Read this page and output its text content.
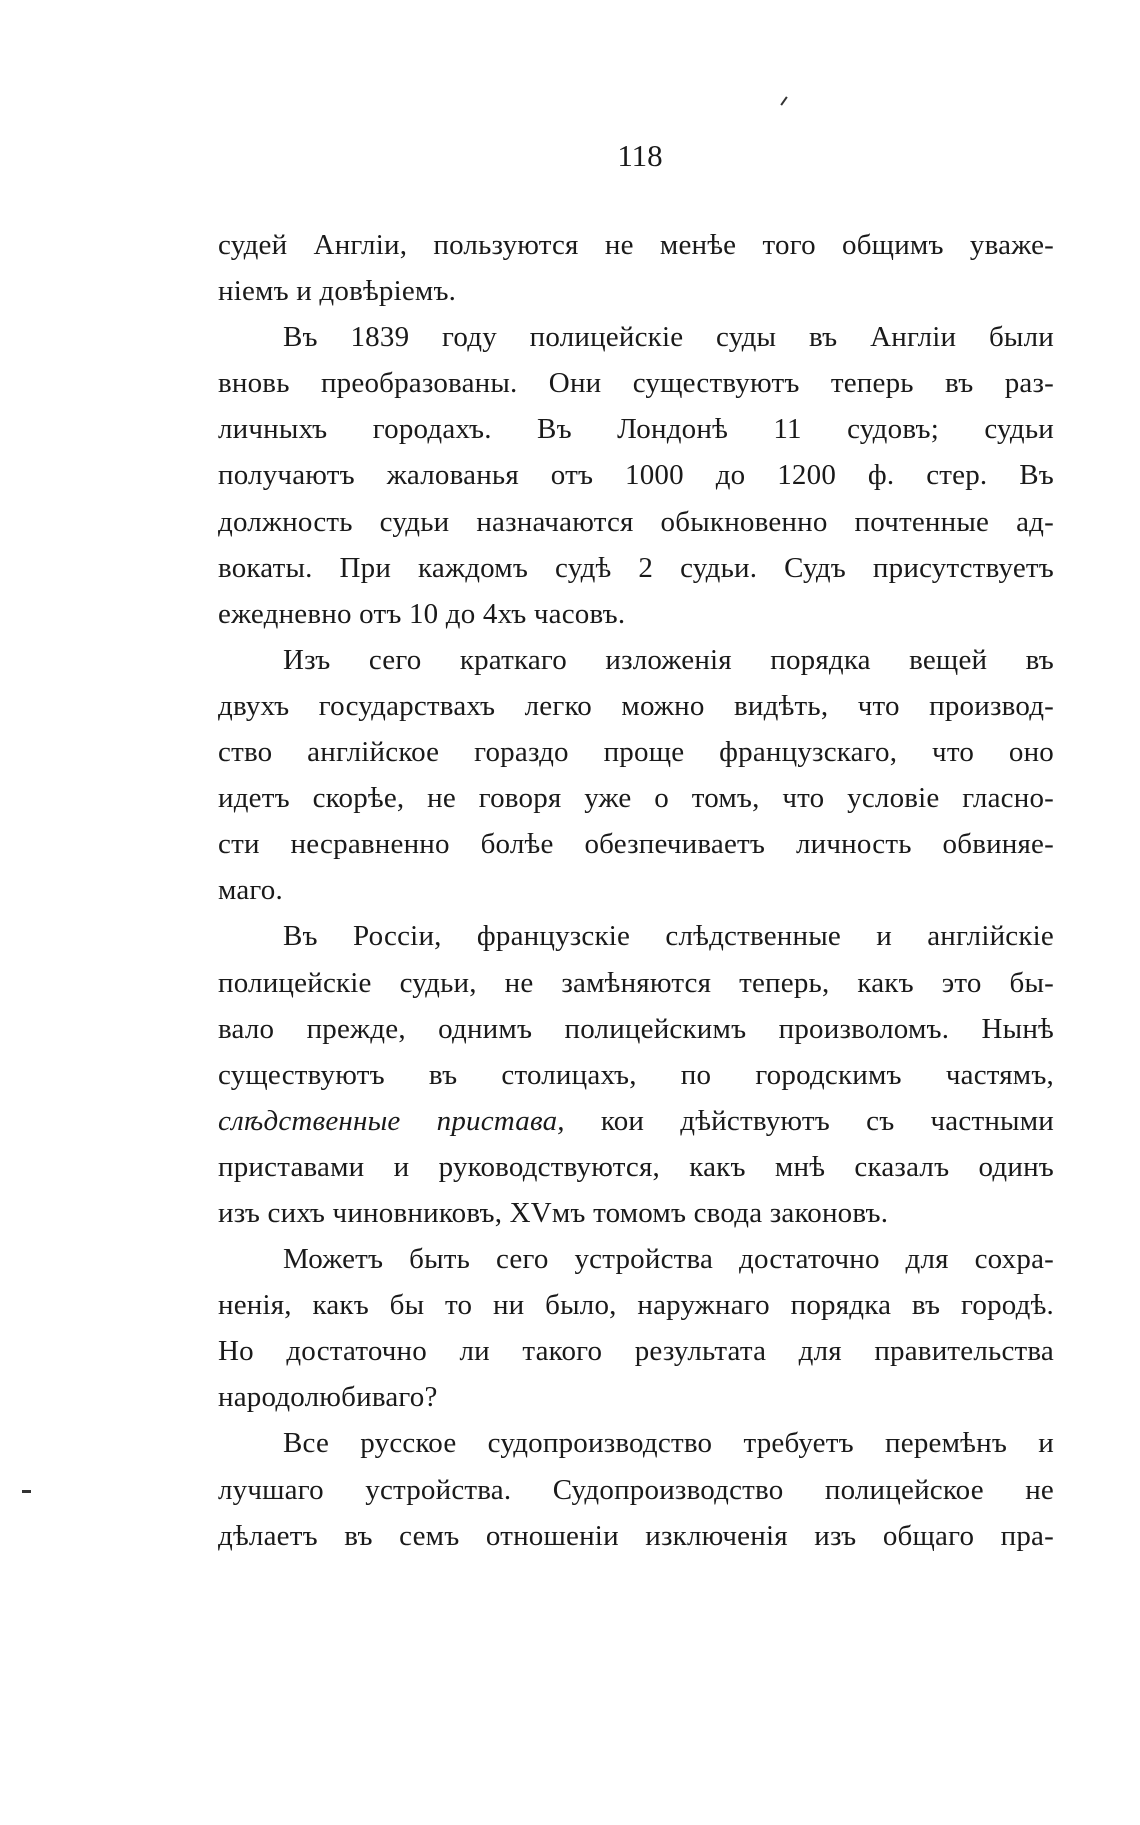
118
судей Англіи, пользуются не менѣе того общимъ уваже-
ніемъ и довѣріемъ.
Въ 1839 году полицейскіе суды въ Англіи были
вновь преобразованы. Они существуютъ теперь въ раз-
личныхъ городахъ. Въ Лондонѣ 11 судовъ; судьи
получаютъ жалованья отъ 1000 до 1200 ф. стер. Въ
должность судьи назначаются обыкновенно почтенные ад-
вокаты. При каждомъ судѣ 2 судьи. Судъ присутствуетъ
ежедневно отъ 10 до 4хъ часовъ.
Изъ сего краткаго изложенія порядка вещей въ
двухъ государствахъ легко можно видѣть, что производ-
ство англійское гораздо проще французскаго, что оно
идетъ скорѣе, не говоря уже о томъ, что условіе гласно-
сти несравненно болѣе обезпечиваетъ личность обвиняе-
маго.
Въ Россіи, французскіе слѣдственные и англійскіе
полицейскіе судьи, не замѣняются теперь, какъ это бы-
вало прежде, однимъ полицейскимъ произволомъ. Нынѣ
существуютъ въ столицахъ, по городскимъ частямъ,
слѣдственные пристава, кои дѣйствуютъ съ частными
приставами и руководствуются, какъ мнѣ сказалъ одинъ
изъ сихъ чиновниковъ, XVмъ томомъ свода законовъ.
Можетъ быть сего устройства достаточно для сохра-
ненія, какъ бы то ни было, наружнаго порядка въ городѣ.
Но достаточно ли такого результата для правительства
народолюбиваго?
Все русское судопроизводство требуетъ перемѣнъ и
лучшаго устройства. Судопроизводство полицейское не
дѣлаетъ въ семъ отношеніи изключенія изъ общаго пра-
